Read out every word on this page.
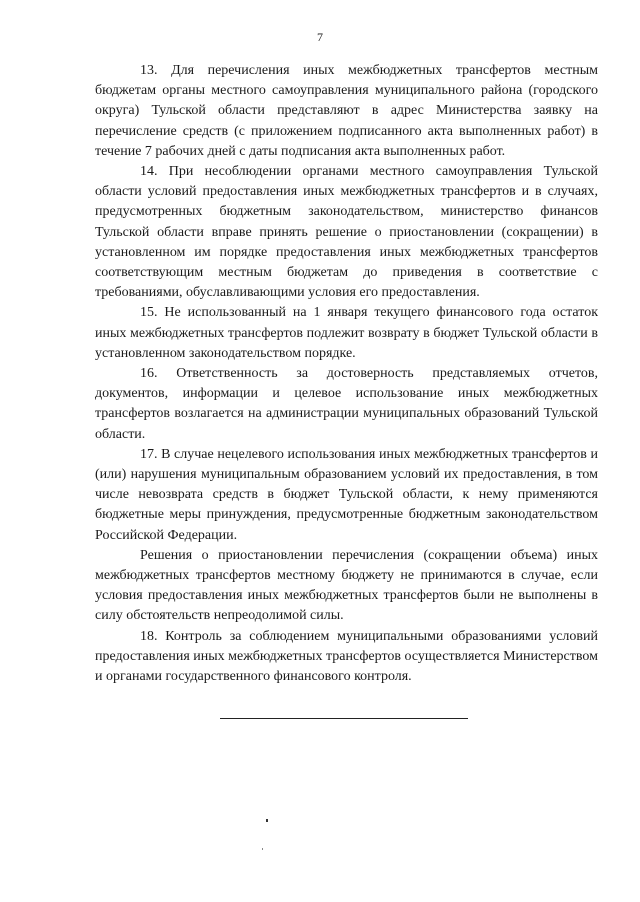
7

13. Для перечисления иных межбюджетных трансфертов местным бюджетам органы местного самоуправления муниципального района (городского округа) Тульской области представляют в адрес Министерства заявку на перечисление средств (с приложением подписанного акта выполненных работ) в течение 7 рабочих дней с даты подписания акта выполненных работ.

14. При несоблюдении органами местного самоуправления Тульской области условий предоставления иных межбюджетных трансфертов и в случаях, предусмотренных бюджетным законодательством, министерство финансов Тульской области вправе принять решение о приостановлении (сокращении) в установленном им порядке предоставления иных межбюджетных трансфертов соответствующим местным бюджетам до приведения в соответствие с требованиями, обуславливающими условия его предоставления.

15. Не использованный на 1 января текущего финансового года остаток иных межбюджетных трансфертов подлежит возврату в бюджет Тульской области в установленном законодательством порядке.

16. Ответственность за достоверность представляемых отчетов, документов, информации и целевое использование иных межбюджетных трансфертов возлагается на администрации муниципальных образований Тульской области.

17. В случае нецелевого использования иных межбюджетных трансфертов и (или) нарушения муниципальным образованием условий их предоставления, в том числе невозврата средств в бюджет Тульской области, к нему применяются бюджетные меры принуждения, предусмотренные бюджетным законодательством Российской Федерации.

Решения о приостановлении перечисления (сокращении объема) иных межбюджетных трансфертов местному бюджету не принимаются в случае, если условия предоставления иных межбюджетных трансфертов были не выполнены в силу обстоятельств непреодолимой силы.

18. Контроль за соблюдением муниципальными образованиями условий предоставления иных межбюджетных трансфертов осуществляется Министерством и органами государственного финансового контроля.
